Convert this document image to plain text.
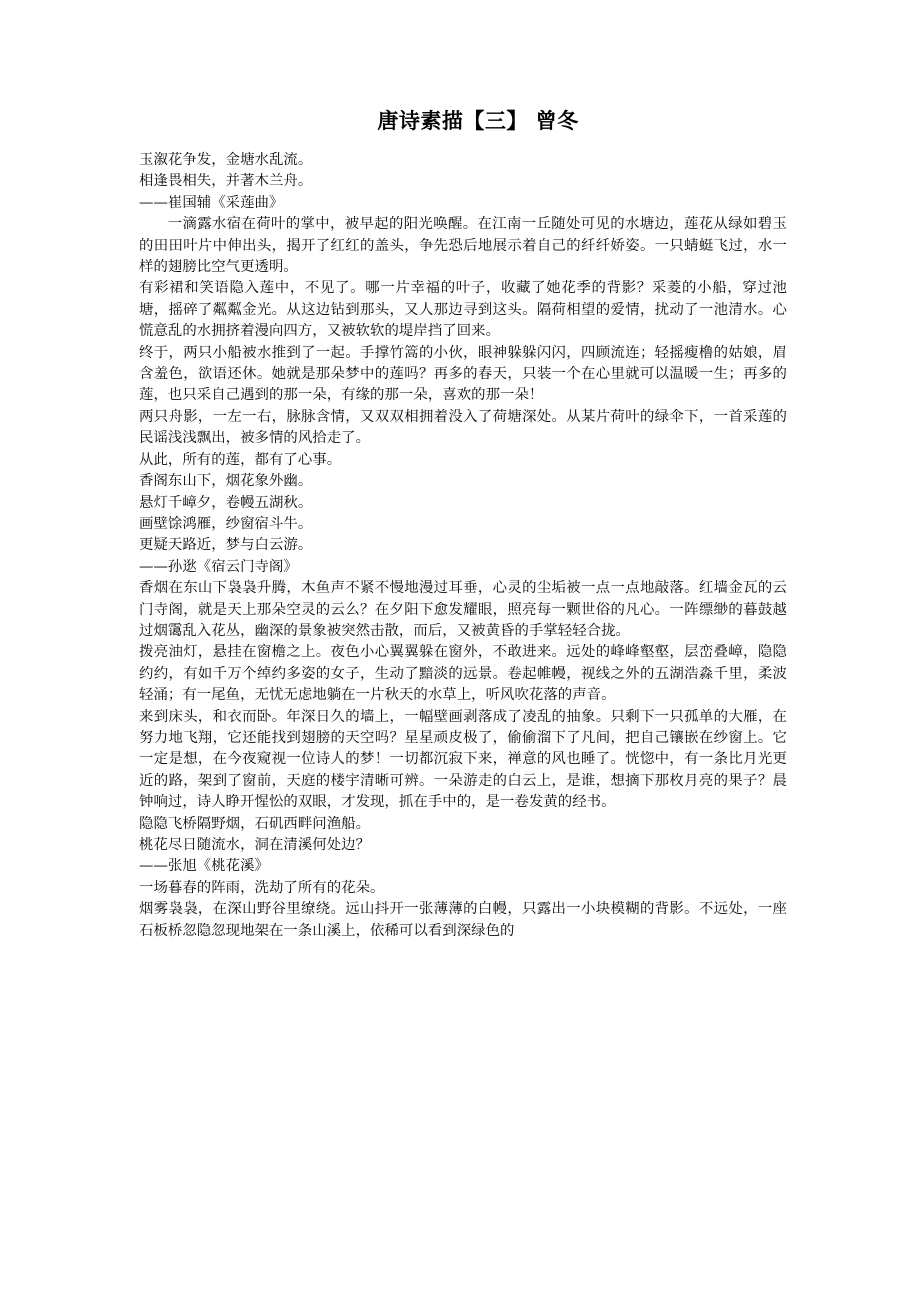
唐诗素描【三】 曾冬

玉溆花争发，金塘水乱流。

相逢畏相失，并著木兰舟。

——崔国辅《采莲曲》

一滴露水宿在荷叶的掌中，被早起的阳光唤醒。在江南一丘随处可见的水塘边，莲花从绿如碧玉的田田叶片中伸出头，揭开了红红的盖头，争先恐后地展示着自己的纤纤娇姿。一只蜻蜓飞过，水一样的翅膀比空气更透明。

有彩裙和笑语隐入莲中，不见了。哪一片幸福的叶子，收藏了她花季的背影？采菱的小船，穿过池塘，摇碎了粼粼金光。从这边钻到那头，又人那边寻到这头。隔荷相望的爱情，扰动了一池清水。心慌意乱的水拥挤着漫向四方，又被软软的堤岸挡了回来。

终于，两只小船被水推到了一起。手撑竹篙的小伙，眼神躲躲闪闪，四顾流连；轻摇瘦橹的姑娘，眉含羞色，欲语还休。她就是那朵梦中的莲吗？再多的春天，只装一个在心里就可以温暖一生；再多的莲，也只采自己遇到的那一朵，有缘的那一朵，喜欢的那一朵！

两只舟影，一左一右，脉脉含情，又双双相拥着没入了荷塘深处。从某片荷叶的绿伞下，一首采莲的民谣浅浅飘出，被多情的风拾走了。

从此，所有的莲，都有了心事。

香阁东山下，烟花象外幽。

悬灯千嶂夕，卷幔五湖秋。

画壁馀鸿雁，纱窗宿斗牛。

更疑天路近，梦与白云游。

——孙逖《宿云门寺阁》

香烟在东山下袅袅升腾，木鱼声不紧不慢地漫过耳垂，心灵的尘垢被一点一点地敲落。红墙金瓦的云门寺阁，就是天上那朵空灵的云么？在夕阳下愈发耀眼，照亮每一颗世俗的凡心。一阵缥缈的暮鼓越过烟霭乱入花丛，幽深的景象被突然击散，而后，又被黄昏的手掌轻轻合拢。

拨亮油灯，悬挂在窗檐之上。夜色小心翼翼躲在窗外，不敢进来。远处的峰峰壑壑，层峦叠嶂，隐隐约约，有如千万个绰约多姿的女子，生动了黯淡的远景。卷起帷幔，视线之外的五湖浩淼千里，柔波轻涌；有一尾鱼，无忧无虑地躺在一片秋天的水草上，听风吹花落的声音。

来到床头，和衣而卧。年深日久的墙上，一幅壁画剥落成了凌乱的抽象。只剩下一只孤单的大雁，在努力地飞翔，它还能找到翅膀的天空吗？星星顽皮极了，偷偷溜下了凡间，把自己镶嵌在纱窗上。它一定是想，在今夜窥视一位诗人的梦！一切都沉寂下来，禅意的风也睡了。恍惚中，有一条比月光更近的路，架到了窗前，天庭的楼宇清晰可辨。一朵游走的白云上，是谁，想摘下那枚月亮的果子？晨钟响过，诗人睁开惺忪的双眼，才发现，抓在手中的，是一卷发黄的经书。

隐隐飞桥隔野烟，石矶西畔问渔船。

桃花尽日随流水，洞在清溪何处边？

——张旭《桃花溪》

一场暮春的阵雨，洗劫了所有的花朵。

烟雾袅袅，在深山野谷里缭绕。远山抖开一张薄薄的白幔，只露出一小块模糊的背影。不远处，一座石板桥忽隐忽现地架在一条山溪上，依稀可以看到深绿色的
